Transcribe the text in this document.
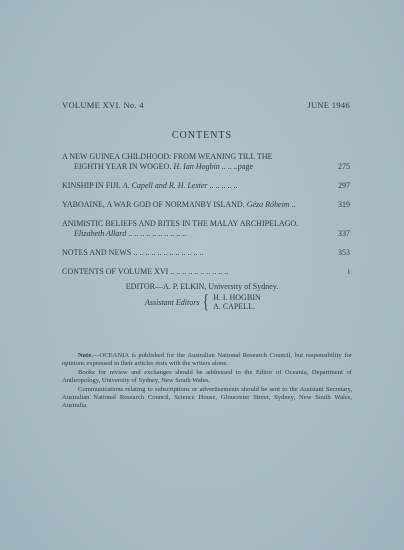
VOLUME XVI. No. 4	JUNE 1946
CONTENTS
A NEW GUINEA CHILDHOOD: FROM WEANING TILL THE
EIGHTH YEAR IN WOGEO. H. Ian Hogbin .. .. ..page	275
KINSHIP IN FIJI. A. Capell and R. H. Lester .. .. .. .. ..	297
YABOAINE, A WAR GOD OF NORMANBY ISLAND. Géza Róheim ..	319
ANIMISTIC BELIEFS AND RITES IN THE MALAY ARCHIPELAGO.
Elizabeth Allard .. .. .. .. .. .. .. .. .. ..	337
NOTES AND NEWS .. .. .. .. .. .. .. .. .. .. .. ..	353
CONTENTS OF VOLUME XVI .. .. .. .. .. .. .. .. .. ..	i
EDITOR—A. P. ELKIN, University of Sydney.
Assistant Editors { H. I. HOGBIN
A. CAPELL.

Note.—OCEANIA is published for the Australian National Research Council, but responsibility for opinions expressed in their articles rests with the writers alone.

Books for review and exchanges should be addressed to the Editor of Oceania, Department of Anthropology, University of Sydney, New South Wales.

Communications relating to subscriptions or advertisements should be sent to the Assistant Secretary, Australian National Research Council, Science House, Gloucester Street, Sydney, New South Wales, Australia.
